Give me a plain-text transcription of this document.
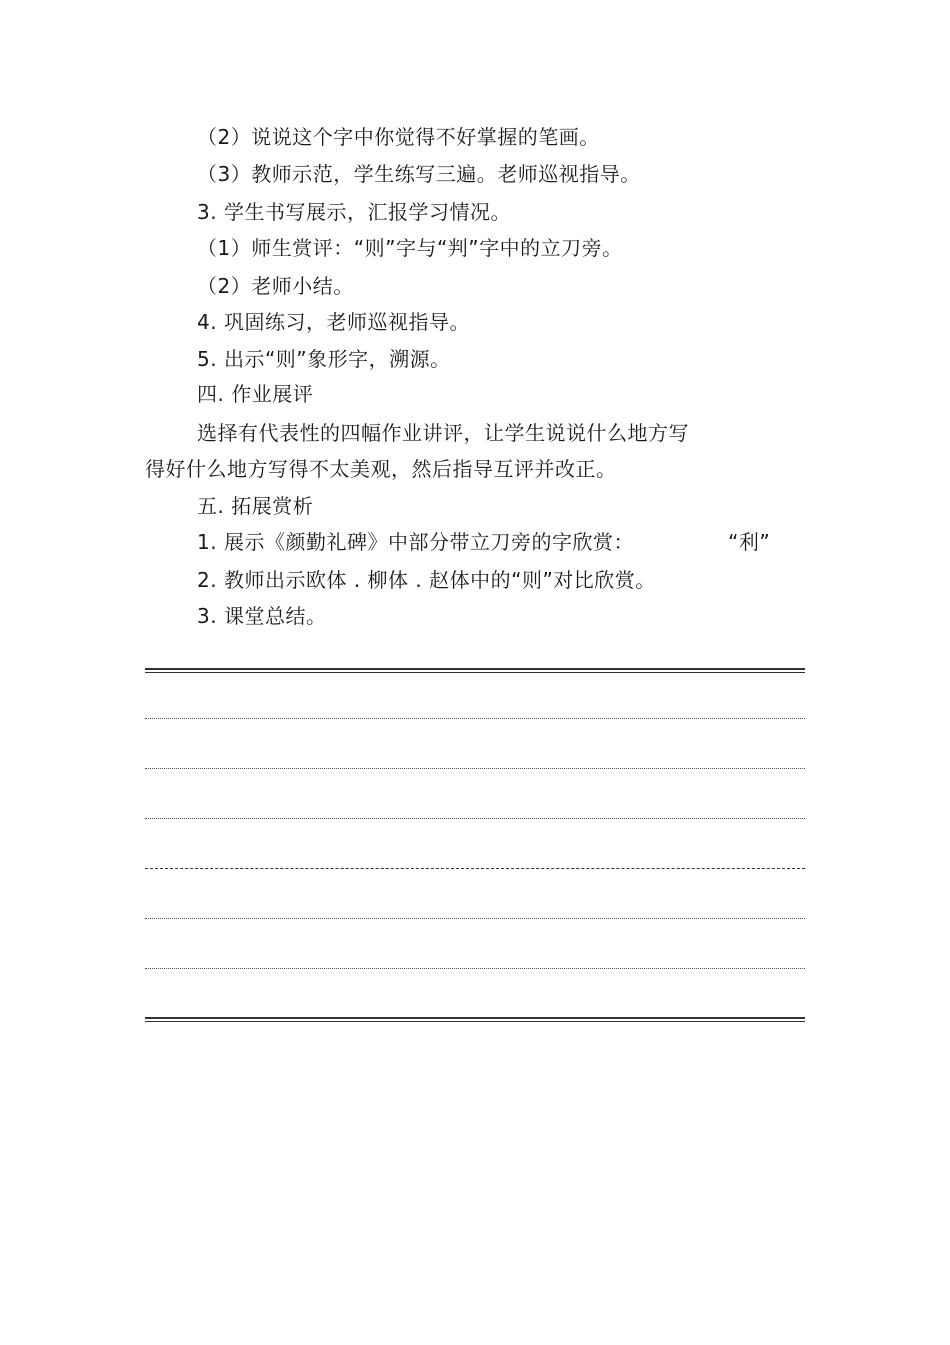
（2）说说这个字中你觉得不好掌握的笔画。
（3）教师示范，学生练写三遍。老师巡视指导。
3. 学生书写展示，汇报学习情况。
（1）师生赏评：“则”字与“判”字中的立刀旁。
（2）老师小结。
4. 巩固练习，老师巡视指导。
5. 出示“则”象形字，溯源。
四. 作业展评
选择有代表性的四幅作业讲评，让学生说说什么地方写
得好什么地方写得不太美观，然后指导互评并改正。
五. 拓展赏析
1. 展示《颜勤礼碑》中部分带立刀旁的字欣赏：	“利”
2. 教师出示欧体 . 柳体 . 赵体中的“则”对比欣赏。
3. 课堂总结。
